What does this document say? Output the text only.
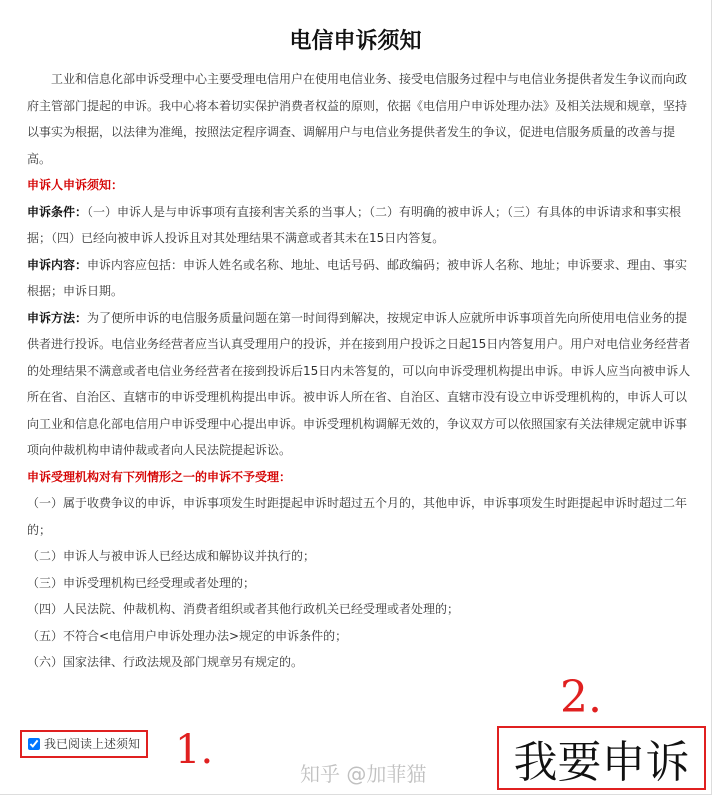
电信申诉须知

工业和信息化部申诉受理中心主要受理电信用户在使用电信业务、接受电信服务过程中与电信业务提供者发生争议而向政府主管部门提起的申诉。我中心将本着切实保护消费者权益的原则，依据《电信用户申诉处理办法》及相关法规和规章，坚持以事实为根据，以法律为准绳，按照法定程序调查、调解用户与电信业务提供者发生的争议，促进电信服务质量的改善与提高。

申诉人申诉须知：

申诉条件：（一）申诉人是与申诉事项有直接利害关系的当事人；（二）有明确的被申诉人；（三）有具体的申诉请求和事实根据；（四）已经向被申诉人投诉且对其处理结果不满意或者其未在15日内答复。

申诉内容：申诉内容应包括：申诉人姓名或名称、地址、电话号码、邮政编码；被申诉人名称、地址；申诉要求、理由、事实根据；申诉日期。

申诉方法：为了便所申诉的电信服务质量问题在第一时间得到解决，按规定申诉人应就所申诉事项首先向所使用电信业务的提供者进行投诉。电信业务经营者应当认真受理用户的投诉，并在接到用户投诉之日起15日内答复用户。用户对电信业务经营者的处理结果不满意或者电信业务经营者在接到投诉后15日内未答复的，可以向申诉受理机构提出申诉。申诉人应当向被申诉人所在省、自治区、直辖市的申诉受理机构提出申诉。被申诉人所在省、自治区、直辖市没有设立申诉受理机构的，申诉人可以向工业和信息化部电信用户申诉受理中心提出申诉。申诉受理机构调解无效的，争议双方可以依照国家有关法律规定就申诉事项向仲裁机构申请仲裁或者向人民法院提起诉讼。

申诉受理机构对有下列情形之一的申诉不予受理：

（一）属于收费争议的申诉，申诉事项发生时距提起申诉时超过五个月的，其他申诉，申诉事项发生时距提起申诉时超过二年的；

（二）申诉人与被申诉人已经达成和解协议并执行的；

（三）申诉受理机构已经受理或者处理的；

（四）人民法院、仲裁机构、消费者组织或者其他行政机关已经受理或者处理的；

（五）不符合<电信用户申诉处理办法>规定的申诉条件的；

（六）国家法律、行政法规及部门规章另有规定的。

我已阅读上述须知 1.
2.
知乎 @加菲猫	我要申诉
